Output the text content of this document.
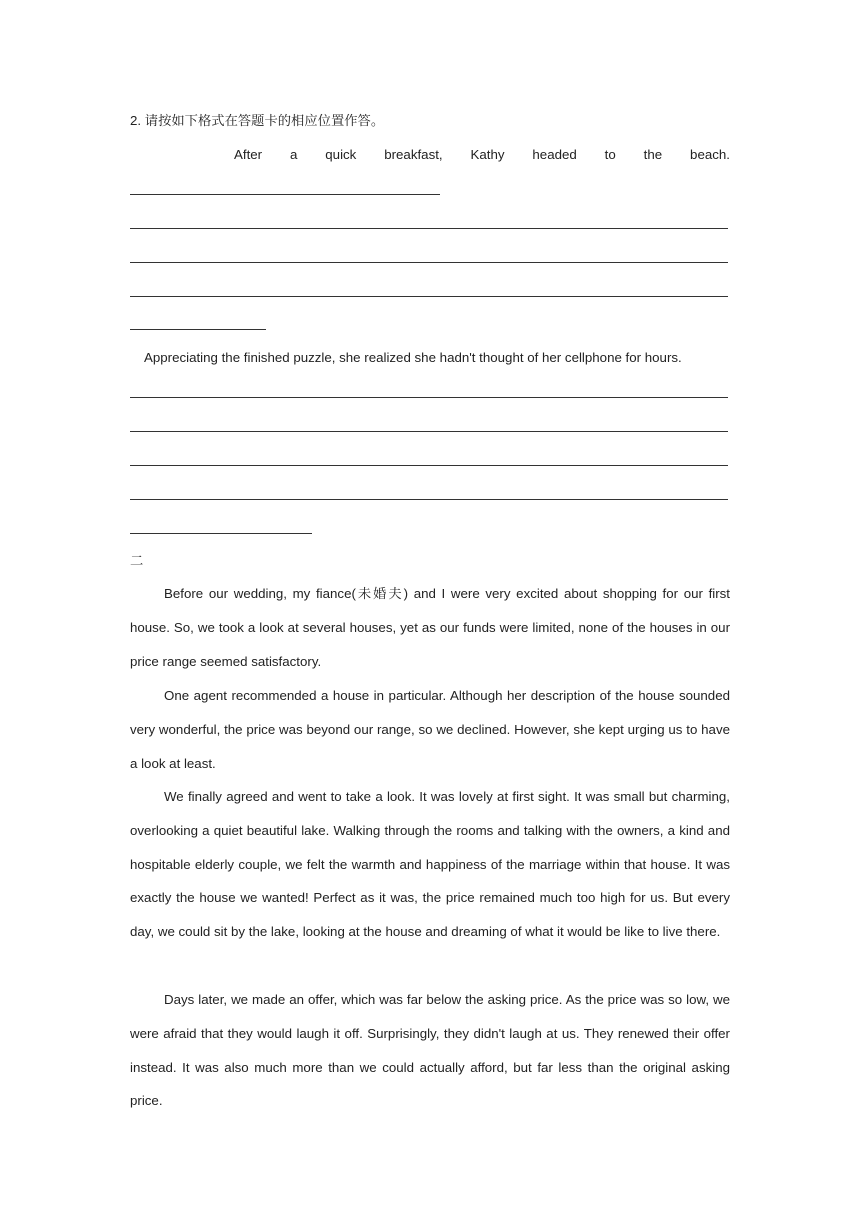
2. 请按如下格式在答题卡的相应位置作答。
After a quick breakfast, Kathy headed to the beach.
Appreciating the finished puzzle, she realized she hadn't thought of her cellphone for hours.
二
Before our wedding, my fiance(未婚夫) and I were very excited about shopping for our first house. So, we took a look at several houses, yet as our funds were limited, none of the houses in our price range seemed satisfactory.
One agent recommended a house in particular. Although her description of the house sounded very wonderful, the price was beyond our range, so we declined. However, she kept urging us to have a look at least.
We finally agreed and went to take a look. It was lovely at first sight. It was small but charming, overlooking a quiet beautiful lake. Walking through the rooms and talking with the owners, a kind and hospitable elderly couple, we felt the warmth and happiness of the marriage within that house. It was exactly the house we wanted! Perfect as it was, the price remained much too high for us. But every day, we could sit by the lake, looking at the house and dreaming of what it would be like to live there.
Days later, we made an offer, which was far below the asking price. As the price was so low, we were afraid that they would laugh it off. Surprisingly, they didn't laugh at us. They renewed their offer instead. It was also much more than we could actually afford, but far less than the original asking price.
